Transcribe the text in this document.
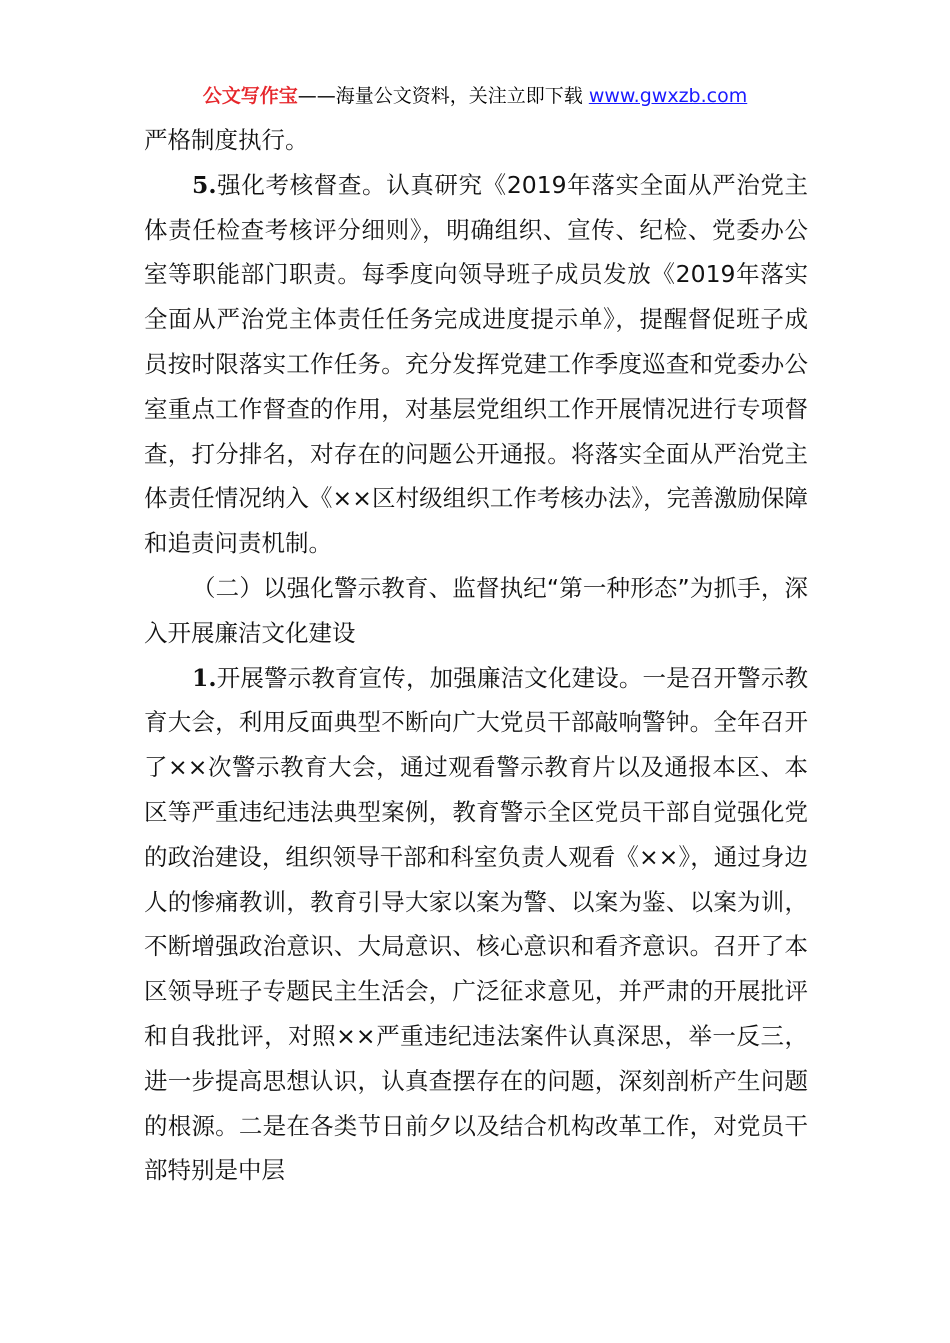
公文写作宝——海量公文资料，关注立即下载 www.gwxzb.com

严格制度执行。

5.强化考核督查。认真研究《2019年落实全面从严治党主体责任检查考核评分细则》，明确组织、宣传、纪检、党委办公室等职能部门职责。每季度向领导班子成员发放《2019年落实全面从严治党主体责任任务完成进度提示单》，提醒督促班子成员按时限落实工作任务。充分发挥党建工作季度巡查和党委办公室重点工作督查的作用，对基层党组织工作开展情况进行专项督查，打分排名，对存在的问题公开通报。将落实全面从严治党主体责任情况纳入《××区村级组织工作考核办法》，完善激励保障和追责问责机制。

（二）以强化警示教育、监督执纪“第一种形态”为抓手，深入开展廉洁文化建设

1.开展警示教育宣传，加强廉洁文化建设。一是召开警示教育大会，利用反面典型不断向广大党员干部敲响警钟。全年召开了××次警示教育大会，通过观看警示教育片以及通报本区、本区等严重违纪违法典型案例，教育警示全区党员干部自觉强化党的政治建设，组织领导干部和科室负责人观看《××》，通过身边人的惨痛教训，教育引导大家以案为警、以案为鉴、以案为训，不断增强政治意识、大局意识、核心意识和看齐意识。召开了本区领导班子专题民主生活会，广泛征求意见，并严肃的开展批评和自我批评，对照××严重违纪违法案件认真深思，举一反三，进一步提高思想认识，认真查摆存在的问题，深刻剖析产生问题的根源。二是在各类节日前夕以及结合机构改革工作，对党员干部特别是中层
